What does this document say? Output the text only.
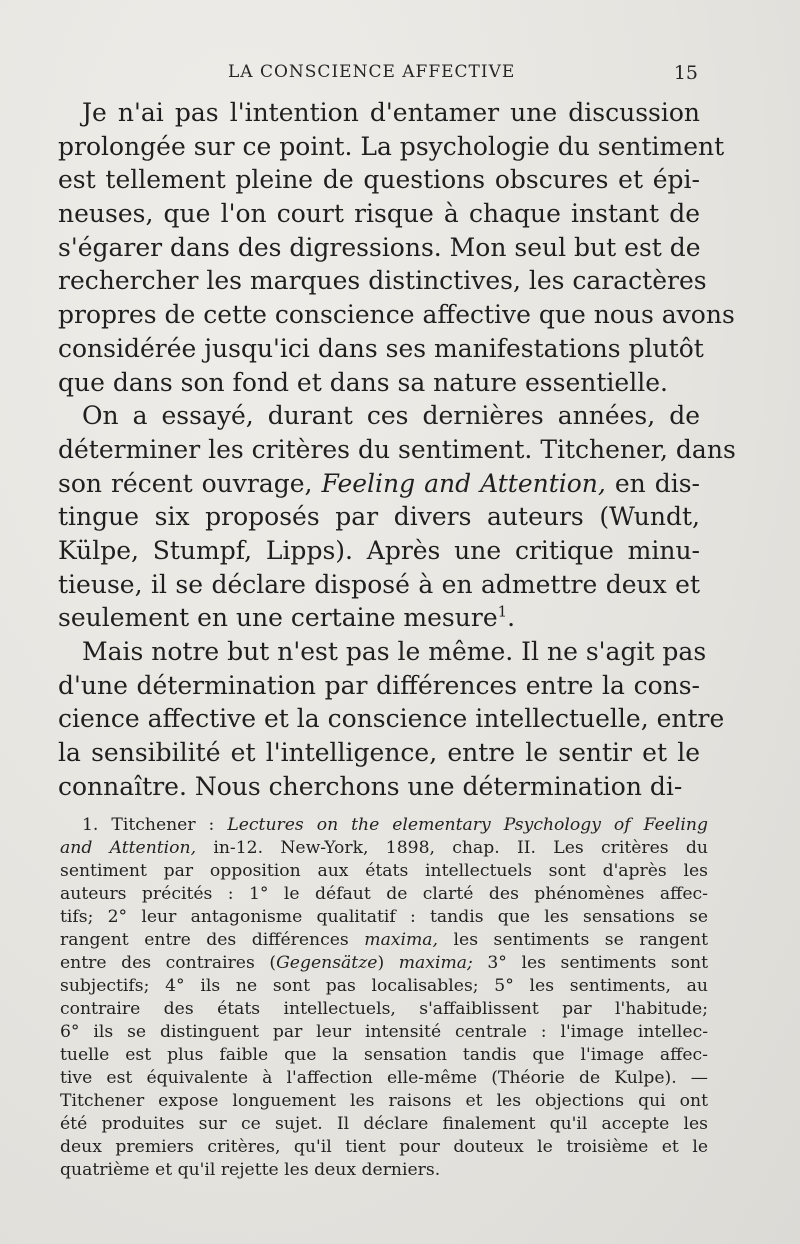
LA CONSCIENCE AFFECTIVE	15
Je n'ai pas l'intention d'entamer une discussion
prolongée sur ce point. La psychologie du sentiment
est tellement pleine de questions obscures et épi-
neuses, que l'on court risque à chaque instant de
s'égarer dans des digressions. Mon seul but est de
rechercher les marques distinctives, les caractères
propres de cette conscience affective que nous avons
considérée jusqu'ici dans ses manifestations plutôt
que dans son fond et dans sa nature essentielle.
On a essayé, durant ces dernières années, de
déterminer les critères du sentiment. Titchener, dans
son récent ouvrage, Feeling and Attention, en dis-
tingue six proposés par divers auteurs (Wundt,
Külpe, Stumpf, Lipps). Après une critique minu-
tieuse, il se déclare disposé à en admettre deux et
seulement en une certaine mesure$^1$.
Mais notre but n'est pas le même. Il ne s'agit pas
d'une détermination par différences entre la cons-
cience affective et la conscience intellectuelle, entre
la sensibilité et l'intelligence, entre le sentir et le
connaître. Nous cherchons une détermination di-
1. Titchener : Lectures on the elementary Psychology of Feeling
and Attention, in-12. New-York, 1898, chap. II. Les critères du
sentiment par opposition aux états intellectuels sont d'après les
auteurs précités : 1° le défaut de clarté des phénomènes affec-
tifs; 2° leur antagonisme qualitatif : tandis que les sensations se
rangent entre des différences maxima, les sentiments se rangent
entre des contraires (Gegensätze) maxima; 3° les sentiments sont
subjectifs; 4° ils ne sont pas localisables; 5° les sentiments, au
contraire des états intellectuels, s'affaiblissent par l'habitude;
6° ils se distinguent par leur intensité centrale : l'image intellec-
tuelle est plus faible que la sensation tandis que l'image affec-
tive est équivalente à l'affection elle-même (Théorie de Kulpe). —
Titchener expose longuement les raisons et les objections qui ont
été produites sur ce sujet. Il déclare finalement qu'il accepte les
deux premiers critères, qu'il tient pour douteux le troisième et le
quatrième et qu'il rejette les deux derniers.
